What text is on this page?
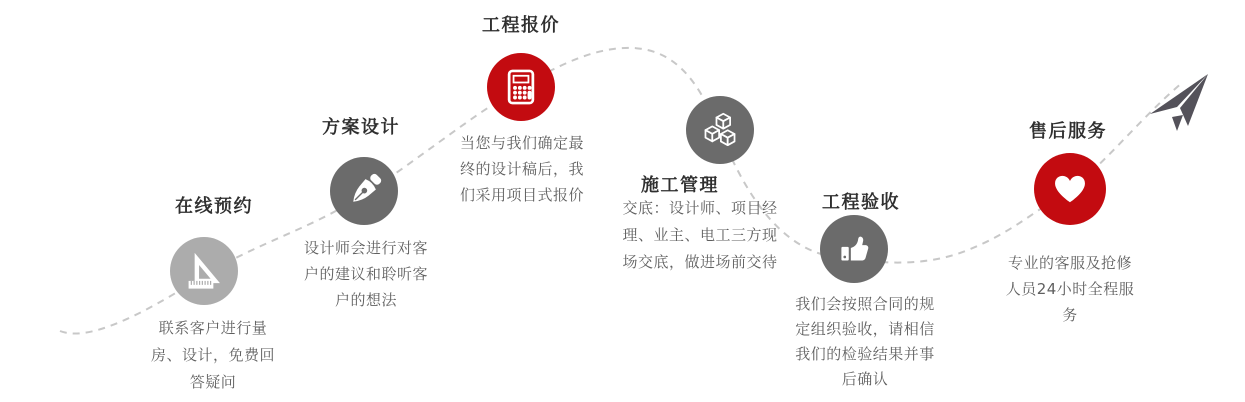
在线预约
联系客户进行量
房、设计，免费回
答疑问
方案设计
设计师会进行对客
户的建议和聆听客
户的想法
工程报价
当您与我们确定最
终的设计稿后，我
们采用项目式报价	施工管理
交底：设计师、项目经
理、业主、电工三方现
场交底，做进场前交待
工程验收
我们会按照合同的规
定组织验收，请相信
我们的检验结果并事
后确认
售后服务
专业的客服及抢修
人员24小时全程服
务
